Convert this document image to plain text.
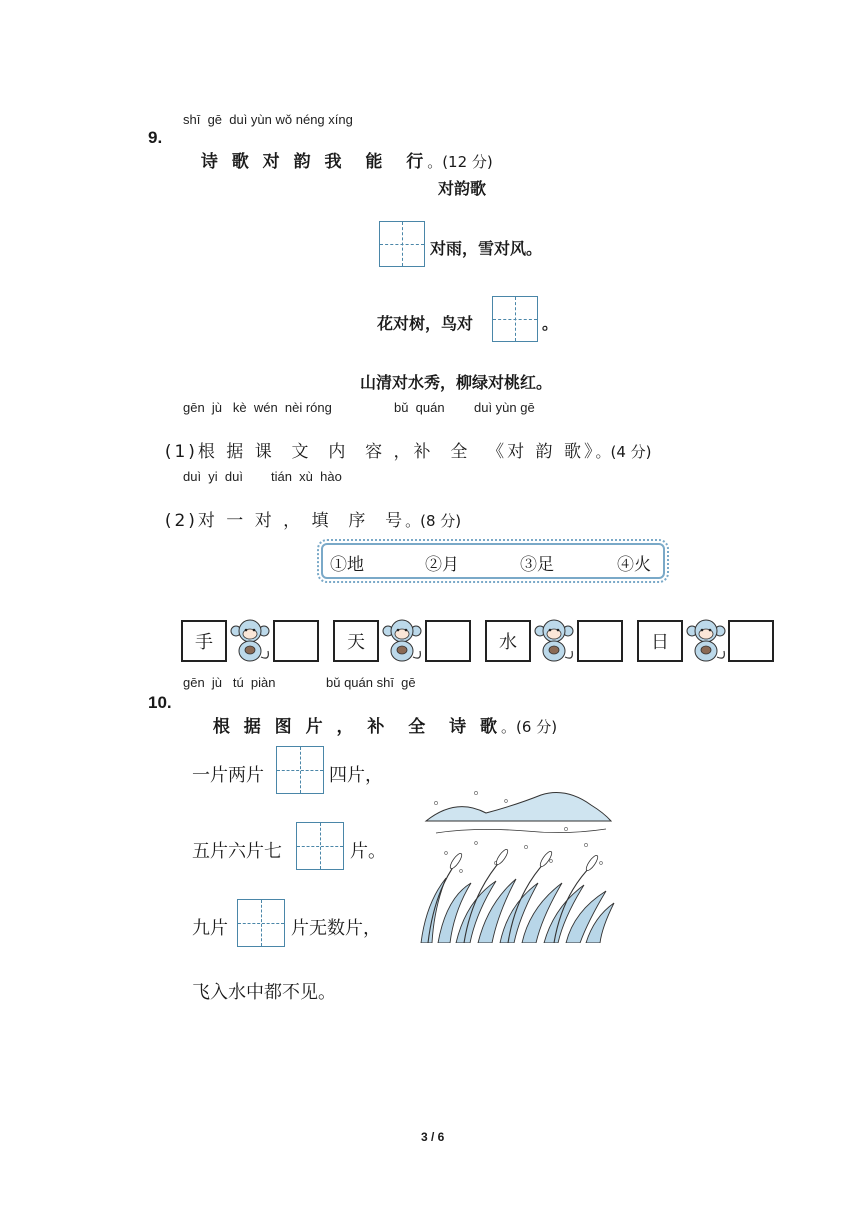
shī  gē  duì yùn wǒ néng xíng
9.

诗 歌 对 韵 我  能  行。(12 分)

对韵歌
对雨，雪对风。
花对树，鸟对	。
山清对水秀，柳绿对桃红。
gēn  jù   kè  wén  nèi róng	bǔ  quán duì yùn gē

(1)根 据 课  文  内  容 ，补  全  《对 韵 歌》。(4 分)

duì  yi  duì tián  xù  hào

(2)对 一 对 ， 填  序  号。(8 分)

①地	②月	③足	④火
手	天	水	日
gēn  jù   tú  piàn	bǔ quán shī  gē
10.

根 据 图 片 ， 补  全  诗 歌。(6 分)

一片两片	四片，
五片六片七	片。
九片	片无数片，
飞入水中都不见。
3 / 6
